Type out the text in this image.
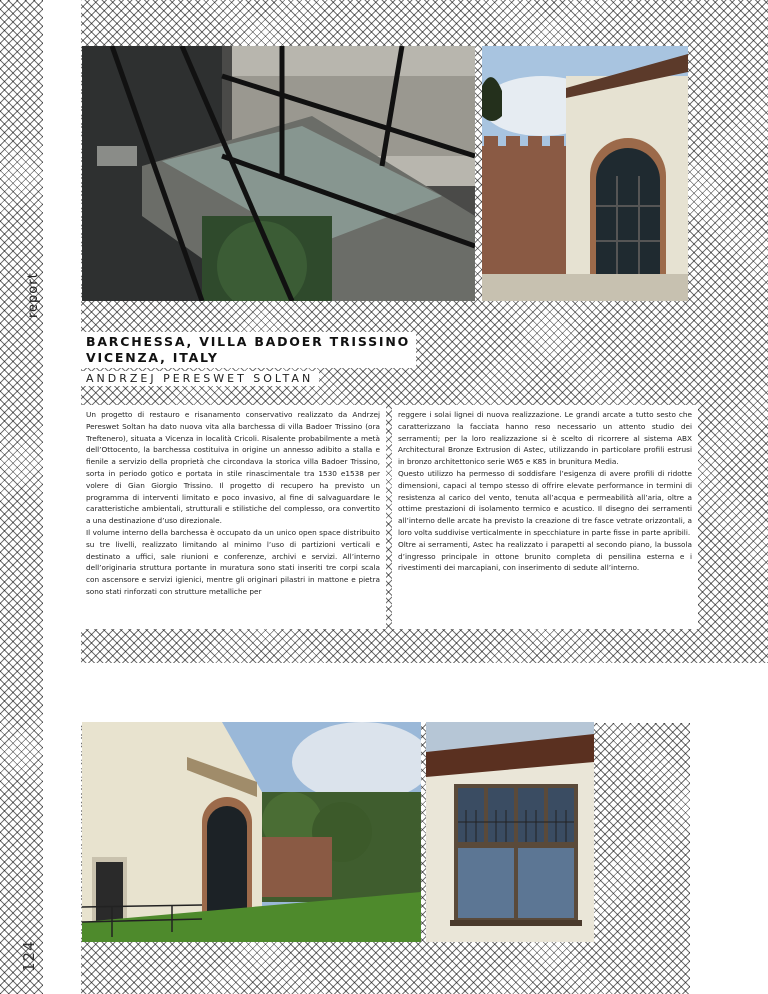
report
124
BARCHESSA, VILLA BADOER TRISSINO
VICENZA, ITALY
ANDRZEJ PERESWET SOLTAN

Un progetto di restauro e risanamento conservativo realizzato da Andrzej Pereswet Soltan ha dato nuova vita alla barchessa di villa Badoer Trissino (ora Treftenero), situata a Vicenza in località Cricoli. Risalente probabilmente a metà dell’Ottocento, la barchessa costituiva in origine un annesso adibito a stalla e fienile a servizio della proprietà che circondava la storica villa Badoer Trissino, sorta in periodo gotico e portata in stile rinascimentale tra 1530 e1538 per volere di Gian Giorgio Trissino. Il progetto di recupero ha previsto un programma di interventi limitato e poco invasivo, al fine di salvaguardare le caratteristiche ambientali, strutturali e stilistiche del complesso, ora convertito a una destinazione d’uso direzionale.

Il volume interno della barchessa è occupato da un unico open space distribuito su tre livelli, realizzato limitando al minimo l’uso di partizioni verticali e destinato a uffici, sale riunioni e conferenze, archivi e servizi. All’interno dell’originaria struttura portante in muratura sono stati inseriti tre corpi scala con ascensore e servizi igienici, mentre gli originari pilastri in mattone e pietra sono stati rinforzati con strutture metalliche per

reggere i solai lignei di nuova realizzazione. Le grandi arcate a tutto sesto che caratterizzano la facciata hanno reso necessario un attento studio dei serramenti; per la loro realizzazione si è scelto di ricorrere al sistema ABX Architectural Bronze Extrusion di Astec, utilizzando in particolare profili estrusi in bronzo architettonico serie W65 e K85 in brunitura Media.

Questo utilizzo ha permesso di soddisfare l’esigenza di avere profili di ridotte dimensioni, capaci al tempo stesso di offrire elevate performance in termini di resistenza al carico del vento, tenuta all’acqua e permeabilità all’aria, oltre a ottime prestazioni di isolamento termico e acustico. Il disegno dei serramenti all’interno delle arcate ha previsto la creazione di tre fasce vetrate orizzontali, a loro volta suddivise verticalmente in specchiature in parte fisse in parte apribili.

Oltre ai serramenti, Astec ha realizzato i parapetti al secondo piano, la bussola d’ingresso principale in ottone brunito completa di pensilina esterna e i rivestimenti dei marcapiani, con inserimento di sedute all’interno.
